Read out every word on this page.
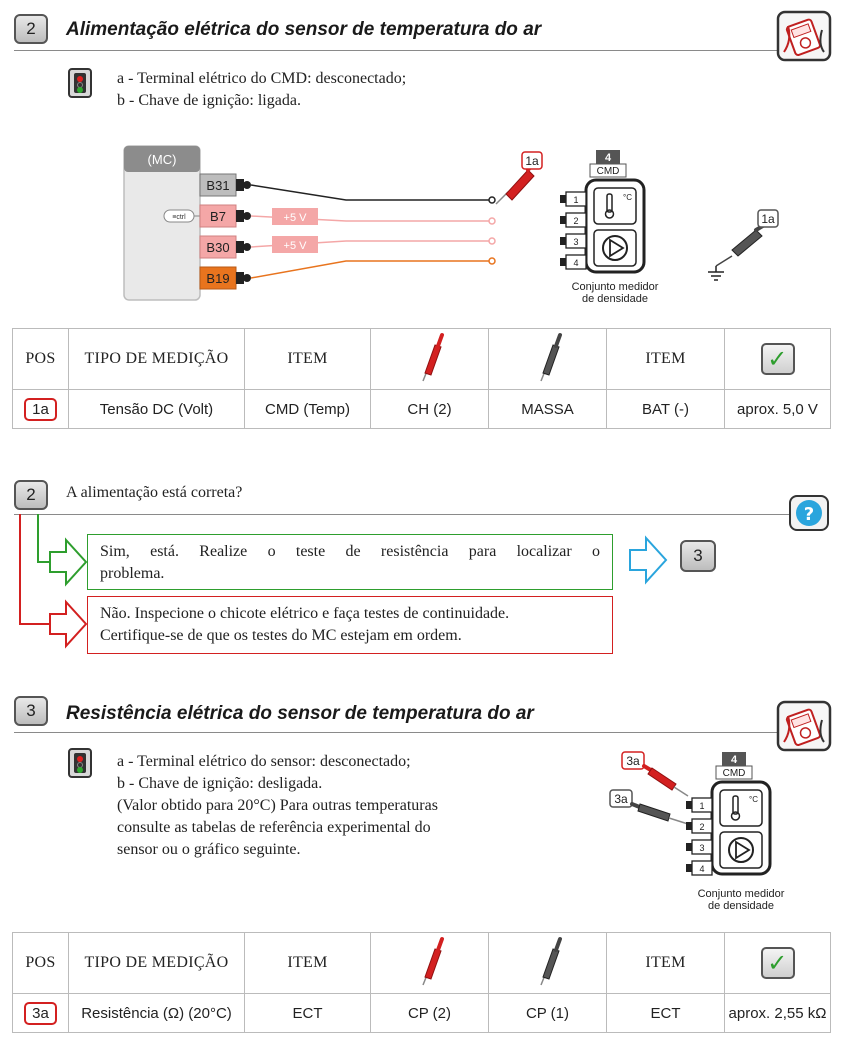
2	Alimentação elétrica do sensor de temperatura do ar
a - Terminal elétrico do CMD: desconectado;
b - Chave de ignição: ligada.
(MC)
≡ctrl
B31
B7
B30
B19
+5 V
+5 V
1a	4
CMD
°C
1
2
3
4
Conjunto medidor
de densidade
1a
POS	TIPO DE MEDIÇÃO	ITEM			ITEM	✓
1a	Tensão DC (Volt)	CMD (Temp)	CH (2)	MASSA	BAT (-)	aprox. 5,0 V
2	A alimentação está correta?
?
Sim, está. Realize o teste de resistência para localizar o
problema.
3
Não. Inspecione o chicote elétrico e faça testes de continuidade.
Certifique-se de que os testes do MC estejam em ordem.
3	Resistência elétrica do sensor de temperatura do ar
a - Terminal elétrico do sensor: desconectado;
b - Chave de ignição: desligada.
(Valor obtido para 20°C) Para outras temperaturas
consulte as tabelas de referência experimental do
sensor ou o gráfico seguinte.
3a
3a
4
CMD
°C
1
2
3
4
Conjunto medidor
de densidade
POS	TIPO DE MEDIÇÃO	ITEM			ITEM	✓
3a	Resistência (Ω) (20°C)	ECT	CP (2)	CP (1)	ECT	aprox. 2,55 kΩ
